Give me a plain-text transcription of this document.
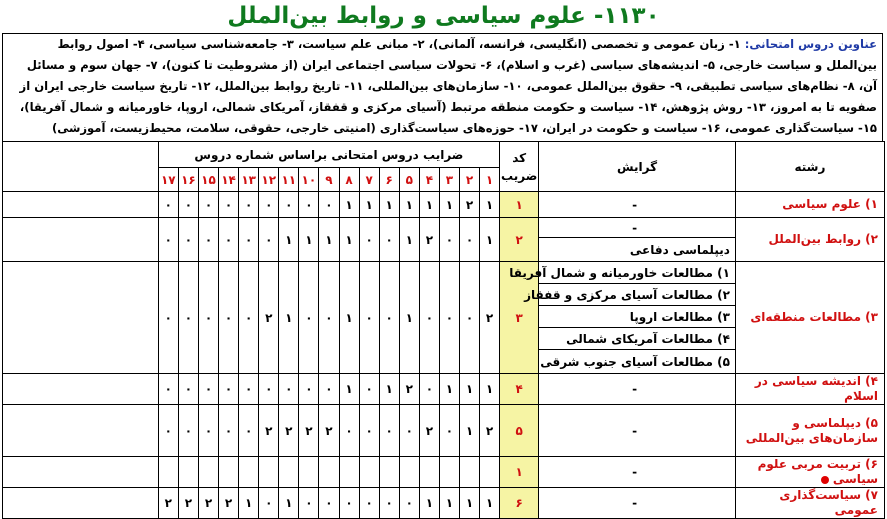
۱۱۳۰- علوم سیاسی و روابط بین‌الملل
عناوین دروس امتحانی: ۱- زبان عمومی و تخصصی (انگلیسی، فرانسه، آلمانی)، ۲- مبانی علم سیاست، ۳- جامعه‌شناسی سیاسی، ۴- اصول روابط بین‌الملل و سیاست خارجی، ۵- اندیشه‌های سیاسی (غرب و اسلام)، ۶- تحولات سیاسی اجتماعی ایران (از مشروطیت تا کنون)، ۷- جهان سوم و مسائل آن، ۸- نظام‌های سیاسی تطبیقی، ۹- حقوق بین‌الملل عمومی، ۱۰- سازمان‌های بین‌المللی، ۱۱- تاریخ روابط بین‌الملل، ۱۲- تاریخ سیاست خارجی ایران از صفویه تا به امروز، ۱۳- روش پژوهش، ۱۴- سیاست و حکومت منطقه مرتبط (آسیای مرکزی و قفقاز، آمریکای شمالی، اروپا، خاورمیانه و شمال آفریقا)، ۱۵- سیاست‌گذاری عمومی، ۱۶- سیاست و حکومت در ایران، ۱۷- حوزه‌های سیاست‌گذاری (امنیتی خارجی، حقوقی، سلامت، محیط‌زیست، آموزشی)
رشته	گرایش	کد ضریب	ضرایب دروس امتحانی براساس شماره دروس																	
			۱	۲	۳	۴	۵	۶	۷	۸	۹	۱۰	۱۱	۱۲	۱۳	۱۴	۱۵	۱۶	۱۷	
۱) علوم سیاسی	-	۱	۱	۲	۱	۱	۱	۱	۱	۱	۰	۰	۰	۰	۰	۰	۰	۰	۰	
۲) روابط بین‌الملل	-	۲	۱	۰	۰	۲	۱	۰	۰	۱	۱	۱	۱	۰	۰	۰	۰	۰	۰	
	دیپلماسی دفاعی																			
۳) مطالعات منطقه‌ای	۱) مطالعات خاورمیانه و شمال آفریقا	۳	۲	۰	۰	۰	۱	۰	۰	۱	۰	۰	۱	۲	۰	۰	۰	۰	۰	
	۲) مطالعات آسیای مرکزی و قفقاز																			
	۳) مطالعات اروپا																			
	۴) مطالعات آمریکای شمالی																			
	۵) مطالعات آسیای جنوب شرقی																			
۴) اندیشه سیاسی در اسلام	-	۴	۱	۱	۱	۰	۲	۱	۰	۱	۰	۰	۰	۰	۰	۰	۰	۰	۰	
۵) دیپلماسی و سازمان‌های بین‌المللی	-	۵	۲	۱	۰	۲	۰	۰	۰	۰	۲	۲	۲	۲	۰	۰	۰	۰	۰	
۶) تربیت مربی علوم سیاسی	-	۱																		
۷) سیاست‌گذاری عمومی	-	۶	۱	۱	۱	۱	۰	۰	۰	۰	۰	۰	۱	۰	۱	۲	۲	۲	۲	
